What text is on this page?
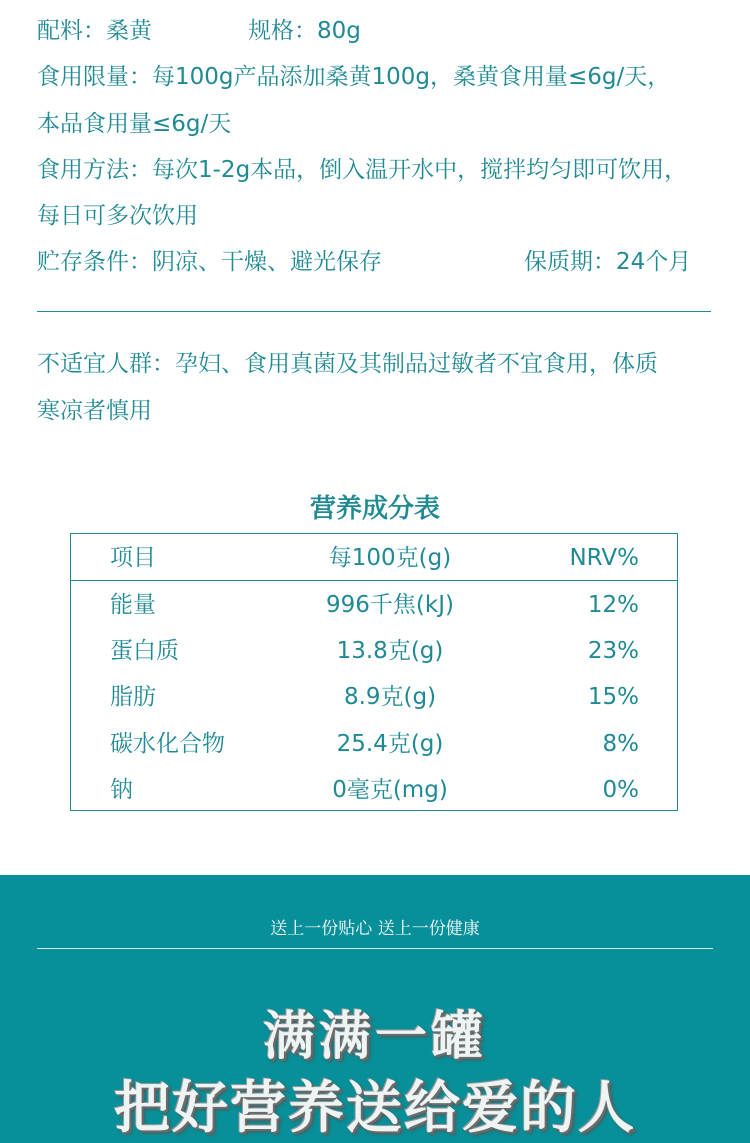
配料：桑黄	规格：80g
食用限量：每100g产品添加桑黄100g，桑黄食用量≤6g/天，
本品食用量≤6g/天
食用方法：每次1-2g本品，倒入温开水中，搅拌均匀即可饮用，
每日可多次饮用
贮存条件：阴凉、干燥、避光保存	保质期：24个月
不适宜人群：孕妇、食用真菌及其制品过敏者不宜食用，体质
寒凉者慎用
营养成分表
项目	每100克(g)	NRV%
能量	996千焦(kJ)	12%
蛋白质	13.8克(g)	23%
脂肪	8.9克(g)	15%
碳水化合物	25.4克(g)	8%
钠	0毫克(mg)	0%
送上一份贴心 送上一份健康
满满一罐
把好营养送给爱的人
